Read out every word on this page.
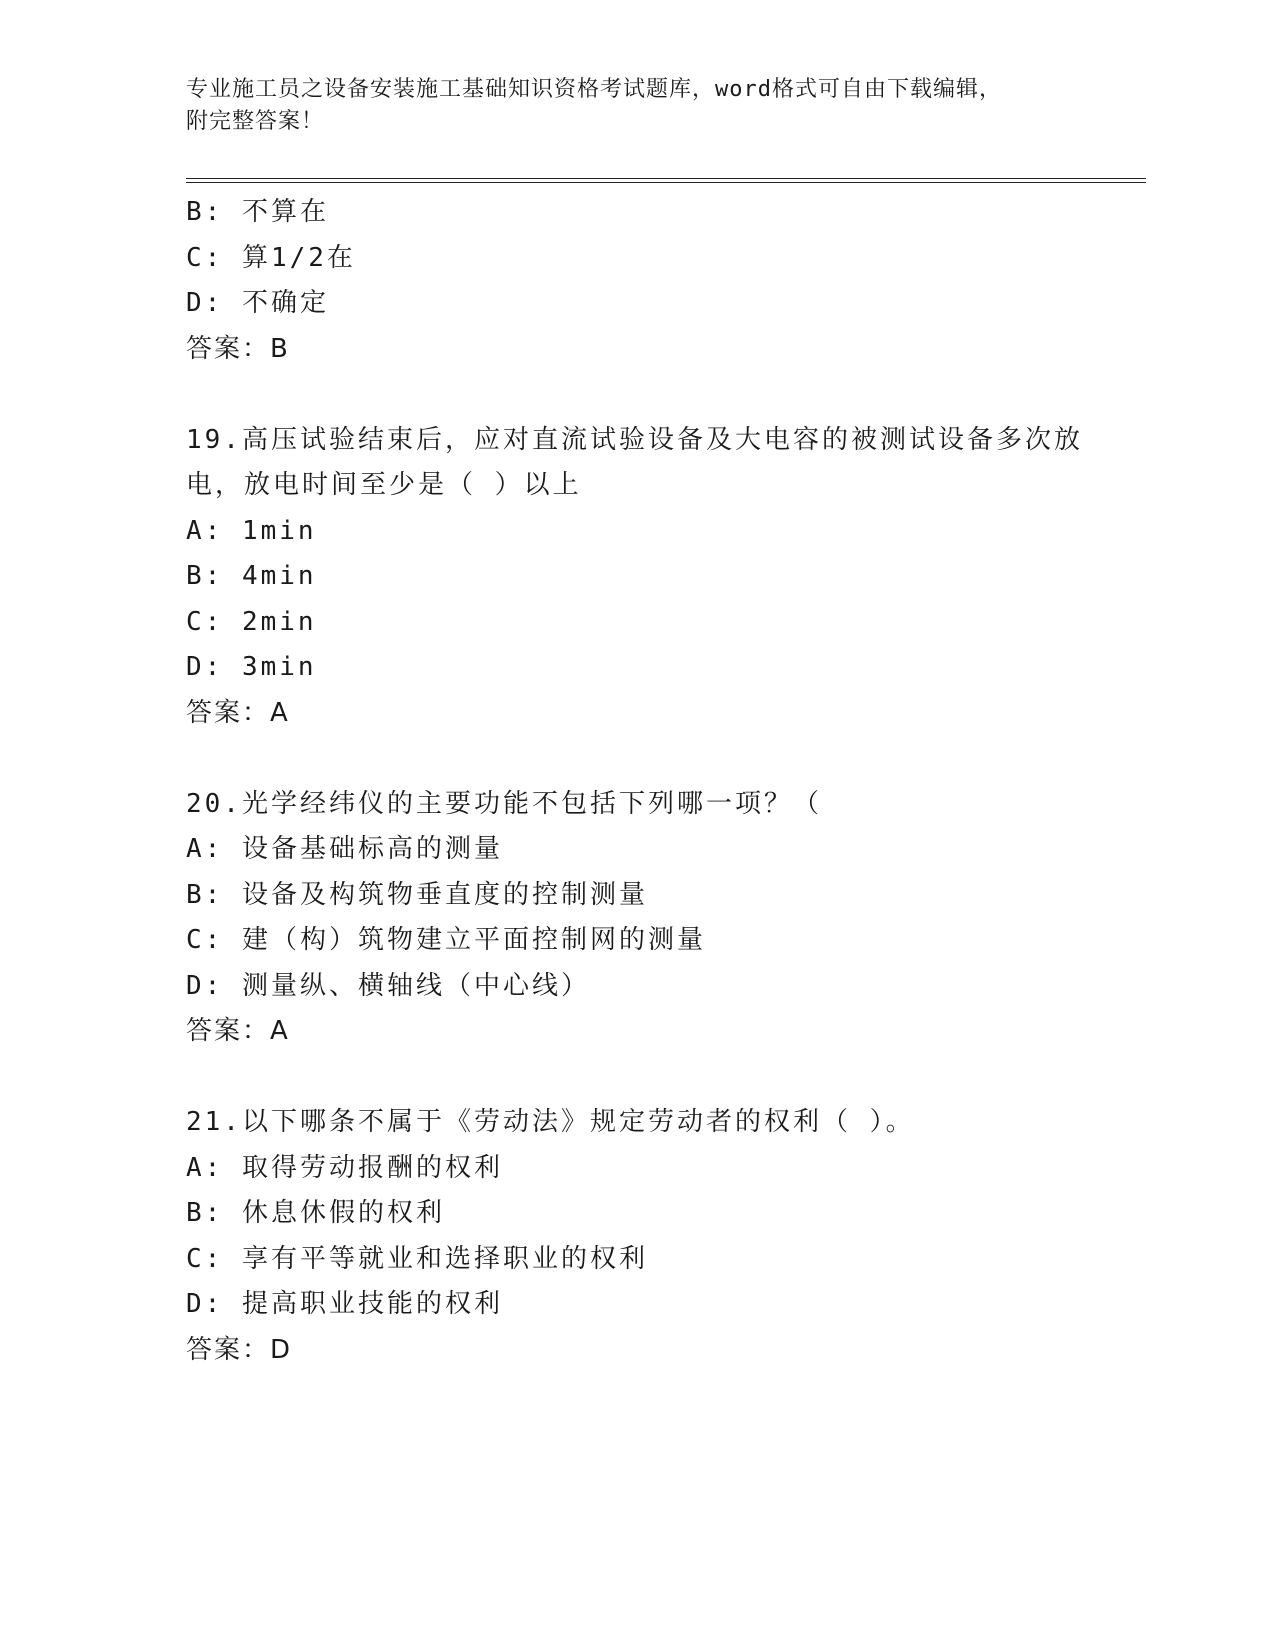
专业施工员之设备安装施工基础知识资格考试题库，word格式可自由下载编辑，
附完整答案！
B: 不算在
C: 算1/2在
D: 不确定
答案：B
19.高压试验结束后，应对直流试验设备及大电容的被测试设备多次放
电，放电时间至少是（ ）以上
A: 1min
B: 4min
C: 2min
D: 3min
答案：A
20.光学经纬仪的主要功能不包括下列哪一项？（
A: 设备基础标高的测量
B: 设备及构筑物垂直度的控制测量
C: 建（构）筑物建立平面控制网的测量
D: 测量纵、横轴线（中心线）
答案：A
21.以下哪条不属于《劳动法》规定劳动者的权利（ ）。
A: 取得劳动报酬的权利
B: 休息休假的权利
C: 享有平等就业和选择职业的权利
D: 提高职业技能的权利
答案：D
